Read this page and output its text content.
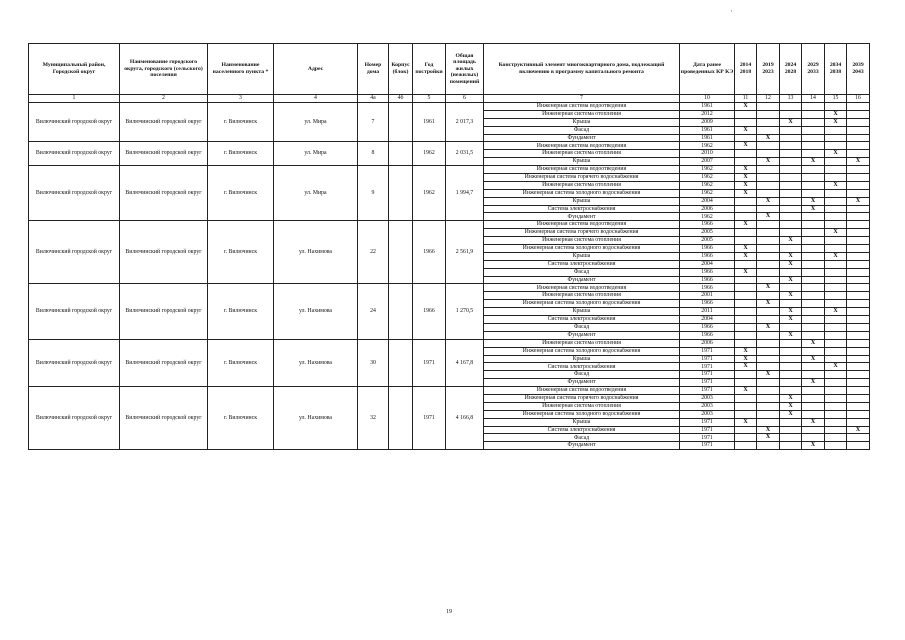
·
Муниципальный район, Городской округ	Наименование городского округа, городского (сельского) поселения	Наименование населенного пункта *	Адрес	Номер дома	Корпус (блок)	Год постройки	Общая площадь жилых (нежилых) помещений	Конструктивный элемент многоквартирного дома, подлежащий включению в программу капитального ремонта	Дата ранее проведенных КР КЭ	2014 2018	2019 2023	2024 2028	2029 2033	2034 2038	2039 2043
1	2	3	4	4а	4б	5	6	7	10	11	12	13	14	15	16
Вилючинский городской округ	Вилючинский городской округ	г. Вилючинск	ул. Мира	7		1961	2 017,3	Инженерная система водоотведения	1961	X					
								Инженерная система отопления	2012					X	
								Крыша	2009			X		X	
								Фасад	1961	X					
								Фундамент	1961		X				
Вилючинский городской округ	Вилючинский городской округ	г. Вилючинск	ул. Мира	8		1962	2 031,5	Инженерная система водоотведения	1962	X					
								Инженерная система отопления	2010					X	
								Крыша	2007		X		X		X
Вилючинский городской округ	Вилючинский городской округ	г. Вилючинск	ул. Мира	9		1962	1 994,7	Инженерная система водоотведения	1962	X					
								Инженерная система горячего водоснабжения	1962	X					
								Инженерная система отопления	1962	X				X	
								Инженерная система холодного водоснабжения	1962	X					
								Крыша	2004		X		X		X
								Система электроснабжения	2006				X		
								Фундамент	1962		X				
Вилючинский городской округ	Вилючинский городской округ	г. Вилючинск	ул. Нахимова	22		1966	2 561,9	Инженерная система водоотведения	1966	X					
								Инженерная система горячего водоснабжения	2005					X	
								Инженерная система отопления	2005			X			
								Инженерная система холодного водоснабжения	1966	X					
								Крыша	1966	X		X		X	
								Система электроснабжения	2004			X			
								Фасад	1966	X					
								Фундамент	1966			X			
Вилючинский городской округ	Вилючинский городской округ	г. Вилючинск	ул. Нахимова	24		1966	1 270,5	Инженерная система водоотведения	1966		X				
								Инженерная система отопления	2001			X			
								Инженерная система холодного водоснабжения	1966		X				
								Крыша	2011			X		X	
								Система электроснабжения	2004			X			
								Фасад	1966		X				
								Фундамент	1966			X			
Вилючинский городской округ	Вилючинский городской округ	г. Вилючинск	ул. Нахимова	30		1971	4 167,8	Инженерная система отопления	2006				X		
								Инженерная система холодного водоснабжения	1971	X					
								Крыша	1971	X			X		
								Система электроснабжения	1971	X				X	
								Фасад	1971		X				
								Фундамент	1971				X		
Вилючинский городской округ	Вилючинский городской округ	г. Вилючинск	ул. Нахимова	32		1971	4 166,8	Инженерная система водоотведения	1971	X					
								Инженерная система горячего водоснабжения	2003			X			
								Инженерная система отопления	2003			X			
								Инженерная система холодного водоснабжения	2003			X			
								Крыша	1971	X			X		
								Система электроснабжения	1971		X				X
								Фасад	1971		X				
								Фундамент	1971				X		
19
